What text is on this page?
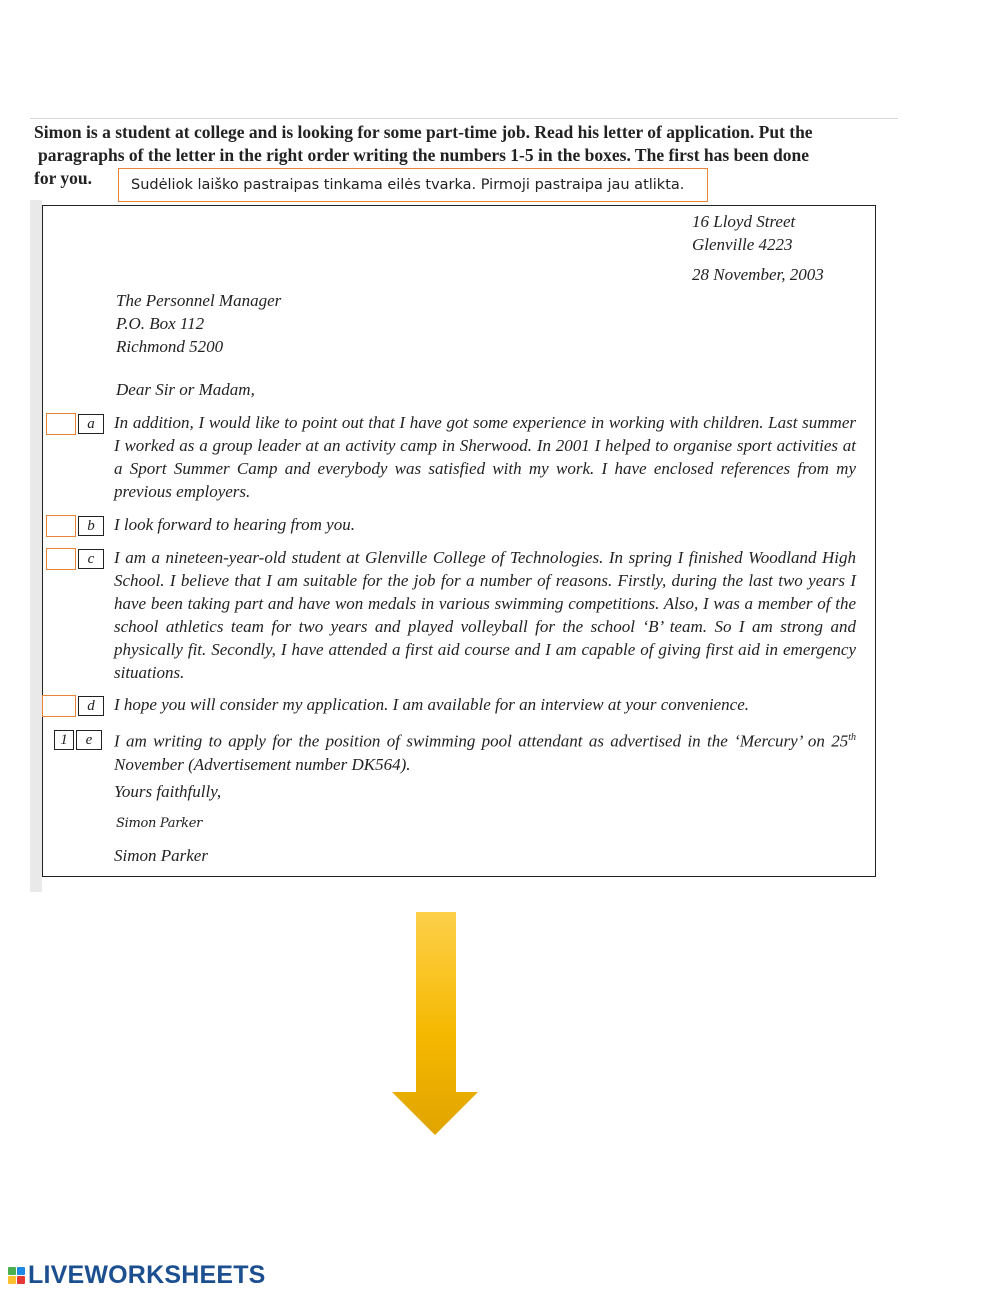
Simon is a student at college and is looking for some part-time job. Read his letter of application. Put the
paragraphs of the letter in the right order writing the numbers 1-5 in the boxes. The first has been done
for you.	Sudėliok laiško pastraipas tinkama eilės tvarka. Pirmoji pastraipa jau atlikta.
16 Lloyd Street
Glenville 4223
28 November, 2003
The Personnel Manager
P.O. Box 112
Richmond 5200
Dear Sir or Madam,
a	In addition, I would like to point out that I have got some experience in working with children. Last summer I worked as a group leader at an activity camp in Sherwood. In 2001 I helped to organise sport activities at a Sport Summer Camp and everybody was satisfied with my work. I have enclosed references from my previous employers.
b	I look forward to hearing from you.
c	I am a nineteen-year-old student at Glenville College of Technologies. In spring I finished Woodland High School. I believe that I am suitable for the job for a number of reasons. Firstly, during the last two years I have been taking part and have won medals in various swimming competitions. Also, I was a member of the school athletics team for two years and played volleyball for the school ‘B’ team. So I am strong and physically fit. Secondly, I have attended a first aid course and I am capable of giving first aid in emergency situations.
d	I hope you will consider my application. I am available for an interview at your convenience.
1	e	I am writing to apply for the position of swimming pool attendant as advertised in the ‘Mercury’ on 25th November (Advertisement number DK564).
Yours faithfully,
Simon Parker
Simon Parker
LIVEWORKSHEETS
